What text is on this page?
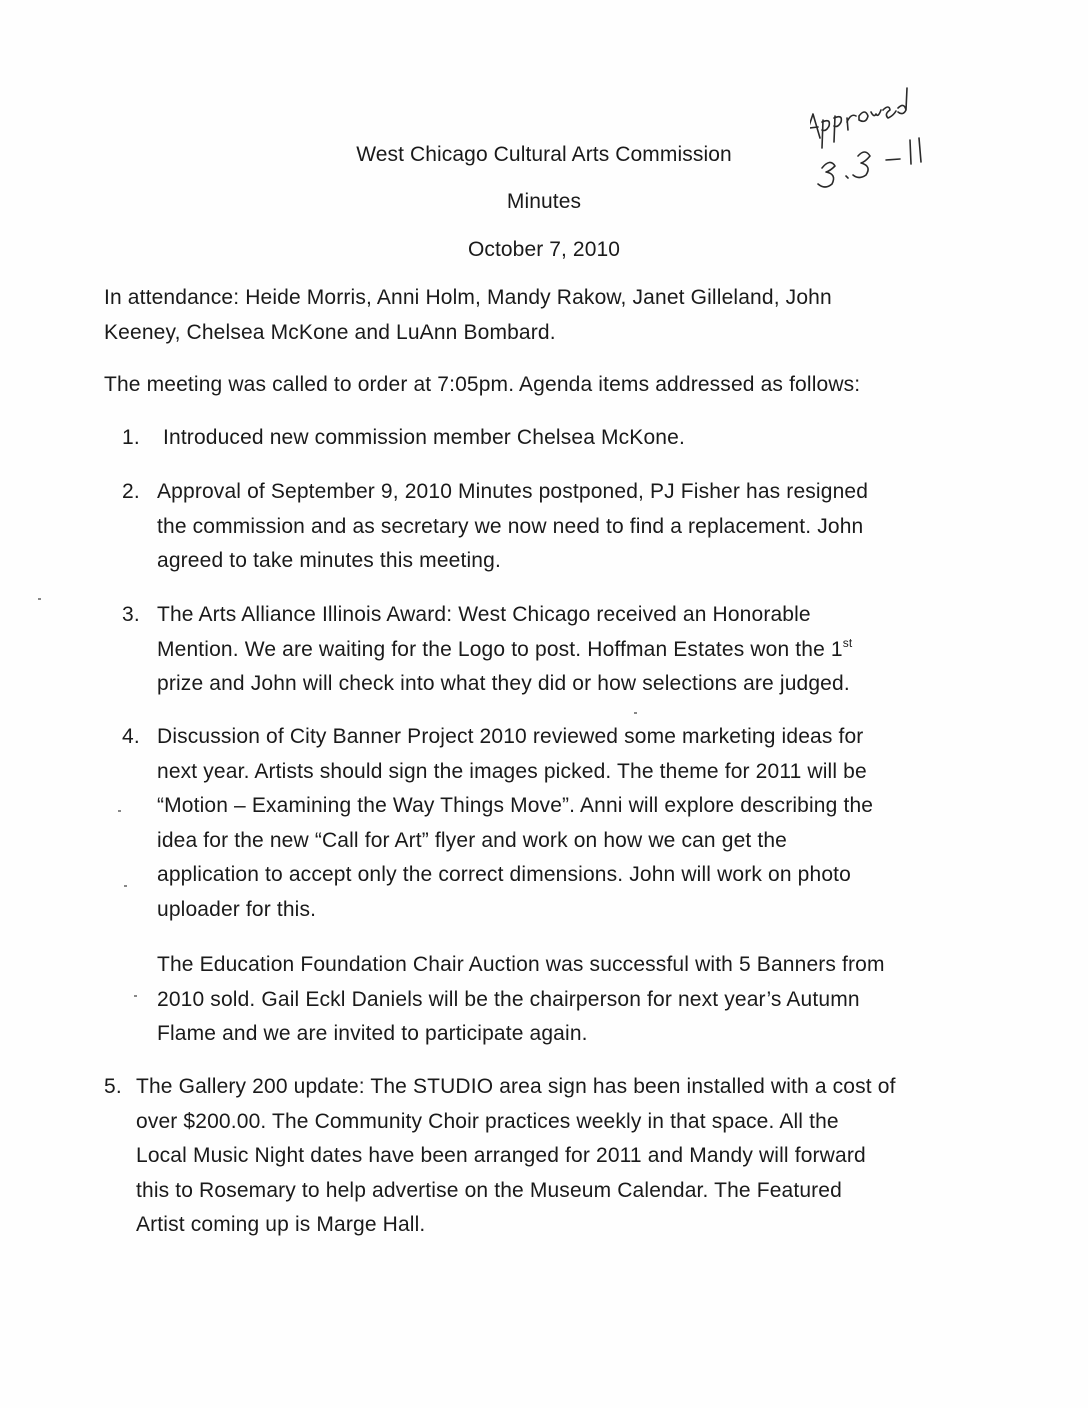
West Chicago Cultural Arts Commission
Minutes
October 7, 2010
Approved 3-3-11
In attendance: Heide Morris, Anni Holm, Mandy Rakow, Janet Gilleland, John
Keeney, Chelsea McKone and LuAnn Bombard.
The meeting was called to order at 7:05pm. Agenda items addressed as follows:
1. Introduced new commission member Chelsea McKone.
2. Approval of September 9, 2010 Minutes postponed, PJ Fisher has resigned
the commission and as secretary we now need to find a replacement. John
agreed to take minutes this meeting.
3. The Arts Alliance Illinois Award: West Chicago received an Honorable
Mention. We are waiting for the Logo to post. Hoffman Estates won the 1st
prize and John will check into what they did or how selections are judged.
4. Discussion of City Banner Project 2010 reviewed some marketing ideas for
next year. Artists should sign the images picked. The theme for 2011 will be
“Motion – Examining the Way Things Move”. Anni will explore describing the
idea for the new “Call for Art” flyer and work on how we can get the
application to accept only the correct dimensions. John will work on photo
uploader for this.
The Education Foundation Chair Auction was successful with 5 Banners from
2010 sold. Gail Eckl Daniels will be the chairperson for next year’s Autumn
Flame and we are invited to participate again.
5. The Gallery 200 update: The STUDIO area sign has been installed with a cost of
over $200.00. The Community Choir practices weekly in that space. All the
Local Music Night dates have been arranged for 2011 and Mandy will forward
this to Rosemary to help advertise on the Museum Calendar. The Featured
Artist coming up is Marge Hall.
